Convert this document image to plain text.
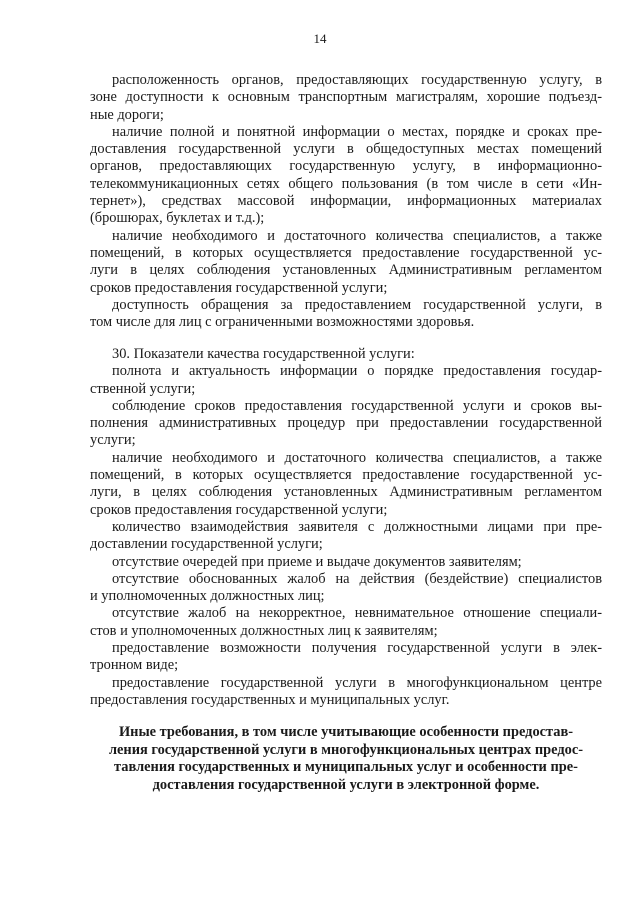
14

расположенность органов, предоставляющих государственную услугу, в
зоне доступности к основным транспортным магистралям, хорошие подъезд-
ные дороги;

наличие полной и понятной информации о местах, порядке и сроках пре-
доставления государственной услуги в общедоступных местах помещений
органов, предоставляющих государственную услугу, в информационно-
телекоммуникационных сетях общего пользования (в том числе в сети «Ин-
тернет»), средствах массовой информации, информационных материалах
(брошюрах, буклетах и т.д.);

наличие необходимого и достаточного количества специалистов, а также
помещений, в которых осуществляется предоставление государственной ус-
луги в целях соблюдения установленных Административным регламентом
сроков предоставления государственной услуги;

доступность обращения за предоставлением государственной услуги, в
том числе для лиц с ограниченными возможностями здоровья.

30. Показатели качества государственной услуги:

полнота и актуальность информации о порядке предоставления государ-
ственной услуги;

соблюдение сроков предоставления государственной услуги и сроков вы-
полнения административных процедур при предоставлении государственной
услуги;

наличие необходимого и достаточного количества специалистов, а также
помещений, в которых осуществляется предоставление государственной ус-
луги, в целях соблюдения установленных Административным регламентом
сроков предоставления государственной услуги;

количество взаимодействия заявителя с должностными лицами при пре-
доставлении государственной услуги;

отсутствие очередей при приеме и выдаче документов заявителям;

отсутствие обоснованных жалоб на действия (бездействие) специалистов
и уполномоченных должностных лиц;

отсутствие жалоб на некорректное, невнимательное отношение специали-
стов и уполномоченных должностных лиц к заявителям;

предоставление возможности получения государственной услуги в элек-
тронном виде;

предоставление государственной услуги в многофункциональном центре
предоставления государственных и муниципальных услуг.

Иные требования, в том числе учитывающие особенности предостав-
ления государственной услуги в многофункциональных центрах предос-
тавления государственных и муниципальных услуг и особенности пре-
доставления государственной услуги в электронной форме.
